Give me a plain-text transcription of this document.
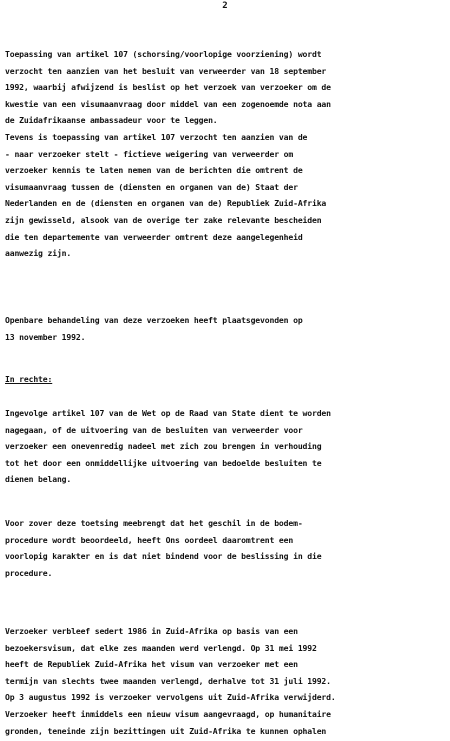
2
Toepassing van artikel 107 (schorsing/voorlopige voorziening) wordt
verzocht ten aanzien van het besluit van verweerder van 18 september
1992, waarbij afwijzend is beslist op het verzoek van verzoeker om de
kwestie van een visumaanvraag door middel van een zogenoemde nota aan
de Zuidafrikaanse ambassadeur voor te leggen.
Tevens is toepassing van artikel 107 verzocht ten aanzien van de
- naar verzoeker stelt - fictieve weigering van verweerder om
verzoeker kennis te laten nemen van de berichten die omtrent de
visumaanvraag tussen de (diensten en organen van de) Staat der
Nederlanden en de (diensten en organen van de) Republiek Zuid-Afrika
zijn gewisseld, alsook van de overige ter zake relevante bescheiden
die ten departemente van verweerder omtrent deze aangelegenheid
aanwezig zijn.
Openbare behandeling van deze verzoeken heeft plaatsgevonden op
13 november 1992.
In rechte:
Ingevolge artikel 107 van de Wet op de Raad van State dient te worden
nagegaan, of de uitvoering van de besluiten van verweerder voor
verzoeker een onevenredig nadeel met zich zou brengen in verhouding
tot het door een onmiddellijke uitvoering van bedoelde besluiten te
dienen belang.
Voor zover deze toetsing meebrengt dat het geschil in de bodem-
procedure wordt beoordeeld, heeft Ons oordeel daaromtrent een
voorlopig karakter en is dat niet bindend voor de beslissing in die
procedure.
Verzoeker verbleef sedert 1986 in Zuid-Afrika op basis van een
bezoekersvisum, dat elke zes maanden werd verlengd. Op 31 mei 1992
heeft de Republiek Zuid-Afrika het visum van verzoeker met een
termijn van slechts twee maanden verlengd, derhalve tot 31 juli 1992.
Op 3 augustus 1992 is verzoeker vervolgens uit Zuid-Afrika verwijderd.
Verzoeker heeft inmiddels een nieuw visum aangevraagd, op humanitaire
gronden, teneinde zijn bezittingen uit Zuid-Afrika te kunnen ophalen
